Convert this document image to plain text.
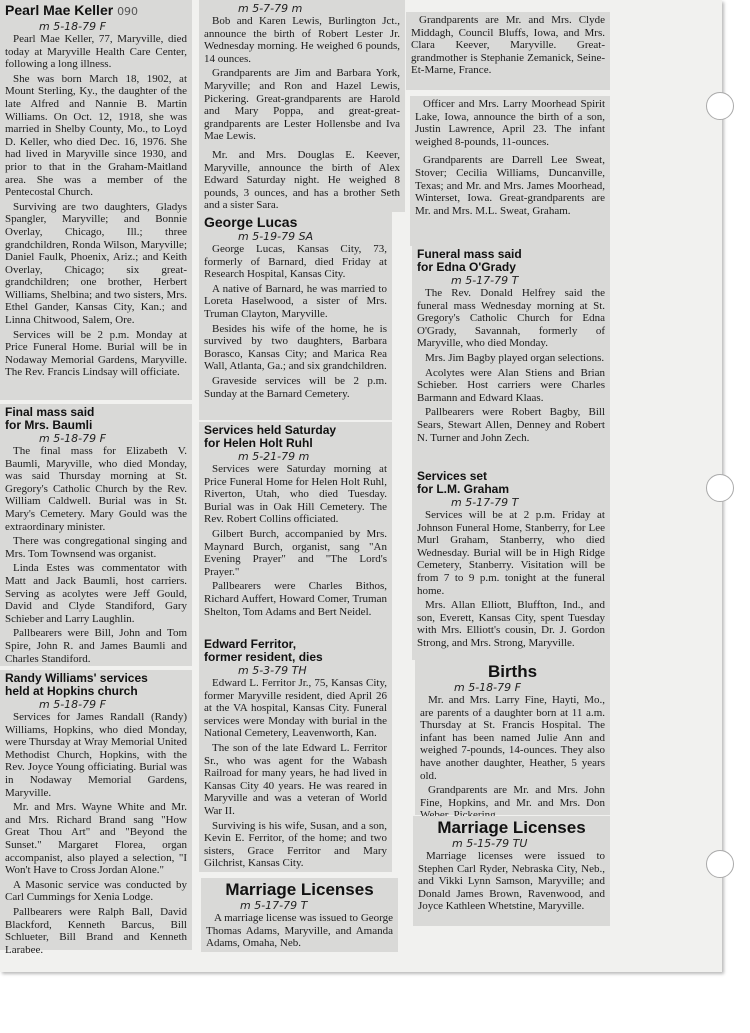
Pearl Mae Keller 090
m 5-18-79 F

Pearl Mae Keller, 77, Maryville, died today at Maryville Health Care Center, following a long illness.

She was born March 18, 1902, at Mount Sterling, Ky., the daughter of the late Alfred and Nannie B. Martin Williams. On Oct. 12, 1918, she was married in Shelby County, Mo., to Loyd D. Keller, who died Dec. 16, 1976. She had lived in Maryville since 1930, and prior to that in the Graham-Maitland area. She was a member of the Pentecostal Church.

Surviving are two daughters, Gladys Spangler, Maryville; and Bonnie Overlay, Chicago, Ill.; three grandchildren, Ronda Wilson, Maryville; Daniel Faulk, Phoenix, Ariz.; and Keith Overlay, Chicago; six great-grandchildren; one brother, Herbert Williams, Shelbina; and two sisters, Mrs. Ethel Gander, Kansas City, Kan.; and Linna Chitwood, Salem, Ore.

Services will be 2 p.m. Monday at Price Funeral Home. Burial will be in Nodaway Memorial Gardens, Maryville. The Rev. Francis Lindsay will officiate.

Final mass said
for Mrs. Baumli
m 5-18-79 F

The final mass for Elizabeth V. Baumli, Maryville, who died Monday, was said Thursday morning at St. Gregory's Catholic Church by the Rev. William Caldwell. Burial was in St. Mary's Cemetery. Mary Gould was the extraordinary minister.

There was congregational singing and Mrs. Tom Townsend was organist.

Linda Estes was commentator with Matt and Jack Baumli, host carriers. Serving as acolytes were Jeff Gould, David and Clyde Standiford, Gary Schieber and Larry Laughlin.

Pallbearers were Bill, John and Tom Spire, John R. and James Baumli and Charles Standiford.

Randy Williams' services
held at Hopkins church
m 5-18-79 F

Services for James Randall (Randy) Williams, Hopkins, who died Monday, were Thursday at Wray Memorial United Methodist Church, Hopkins, with the Rev. Joyce Young officiating. Burial was in Nodaway Memorial Gardens, Maryville.

Mr. and Mrs. Wayne White and Mr. and Mrs. Richard Brand sang "How Great Thou Art" and "Beyond the Sunset." Margaret Florea, organ accompanist, also played a selection, "I Won't Have to Cross Jordan Alone."

A Masonic service was conducted by Carl Cummings for Xenia Lodge.

Pallbearers were Ralph Ball, David Blackford, Kenneth Barcus, Bill Schlueter, Bill Brand and Kenneth Larabee.

m 5-7-79 m

Bob and Karen Lewis, Burlington Jct., announce the birth of Robert Lester Jr. Wednesday morning. He weighed 6 pounds, 14 ounces.

Grandparents are Jim and Barbara York, Maryville; and Ron and Hazel Lewis, Pickering. Great-grandparents are Harold and Mary Poppa, and great-great-grandparents are Lester Hollensbe and Iva Mae Lewis.

Mr. and Mrs. Douglas E. Keever, Maryville, announce the birth of Alex Edward Saturday night. He weighed 8 pounds, 3 ounces, and has a brother Seth and a sister Sara.

George Lucas
m 5-19-79 SA

George Lucas, Kansas City, 73, formerly of Barnard, died Friday at Research Hospital, Kansas City.

A native of Barnard, he was married to Loreta Haselwood, a sister of Mrs. Truman Clayton, Maryville.

Besides his wife of the home, he is survived by two daughters, Barbara Borasco, Kansas City; and Marica Rea Wall, Atlanta, Ga.; and six grandchildren.

Graveside services will be 2 p.m. Sunday at the Barnard Cemetery.

Services held Saturday
for Helen Holt Ruhl
m 5-21-79 m

Services were Saturday morning at Price Funeral Home for Helen Holt Ruhl, Riverton, Utah, who died Tuesday. Burial was in Oak Hill Cemetery. The Rev. Robert Collins officiated.

Gilbert Burch, accompanied by Mrs. Maynard Burch, organist, sang "An Evening Prayer" and "The Lord's Prayer."

Pallbearers were Charles Bithos, Richard Auffert, Howard Comer, Truman Shelton, Tom Adams and Bert Neidel.

Edward Ferritor,
former resident, dies
m 5-3-79 TH

Edward L. Ferritor Jr., 75, Kansas City, former Maryville resident, died April 26 at the VA hospital, Kansas City. Funeral services were Monday with burial in the National Cemetery, Leavenworth, Kan.

The son of the late Edward L. Ferritor Sr., who was agent for the Wabash Railroad for many years, he had lived in Kansas City 40 years. He was reared in Maryville and was a veteran of World War II.

Surviving is his wife, Susan, and a son, Kevin E. Ferritor, of the home; and two sisters, Grace Ferritor and Mary Gilchrist, Kansas City.

Marriage Licenses
m 5-17-79 T

A marriage license was issued to George Thomas Adams, Maryville, and Amanda Adams, Omaha, Neb.

Grandparents are Mr. and Mrs. Clyde Middagh, Council Bluffs, Iowa, and Mrs. Clara Keever, Maryville. Great-grandmother is Stephanie Zemanick, Seine-Et-Marne, France.

Officer and Mrs. Larry Moorhead Spirit Lake, Iowa, announce the birth of a son, Justin Lawrence, April 23. The infant weighed 8-pounds, 11-ounces.

Grandparents are Darrell Lee Sweat, Stover; Cecilia Williams, Duncanville, Texas; and Mr. and Mrs. James Moorhead, Winterset, Iowa. Great-grandparents are Mr. and Mrs. M.L. Sweat, Graham.

Funeral mass said
for Edna O'Grady
m 5-17-79 T

The Rev. Donald Helfrey said the funeral mass Wednesday morning at St. Gregory's Catholic Church for Edna O'Grady, Savannah, formerly of Maryville, who died Monday.

Mrs. Jim Bagby played organ selections.

Acolytes were Alan Stiens and Brian Schieber. Host carriers were Charles Barmann and Edward Klaas.

Pallbearers were Robert Bagby, Bill Sears, Stewart Allen, Denney and Robert N. Turner and John Zech.

Services set
for L.M. Graham
m 5-17-79 T

Services will be at 2 p.m. Friday at Johnson Funeral Home, Stanberry, for Lee Murl Graham, Stanberry, who died Wednesday. Burial will be in High Ridge Cemetery, Stanberry. Visitation will be from 7 to 9 p.m. tonight at the funeral home.

Mrs. Allan Elliott, Bluffton, Ind., and son, Everett, Kansas City, spent Tuesday with Mrs. Elliott's cousin, Dr. J. Gordon Strong, and Mrs. Strong, Maryville.

Births
m 5-18-79 F

Mr. and Mrs. Larry Fine, Hayti, Mo., are parents of a daughter born at 11 a.m. Thursday at St. Francis Hospital. The infant has been named Julie Ann and weighed 7-pounds, 14-ounces. They also have another daughter, Heather, 5 years old.

Grandparents are Mr. and Mrs. John Fine, Hopkins, and Mr. and Mrs. Don

Marriage Licenses
m 5-15-79 TU

Marriage licenses were issued to Stephen Carl Ryder, Nebraska City, Neb., and Vikki Lynn Samson, Maryville; and Donald James Brown, Ravenwood, and Joyce Kathleen Whetstine, Maryville.
